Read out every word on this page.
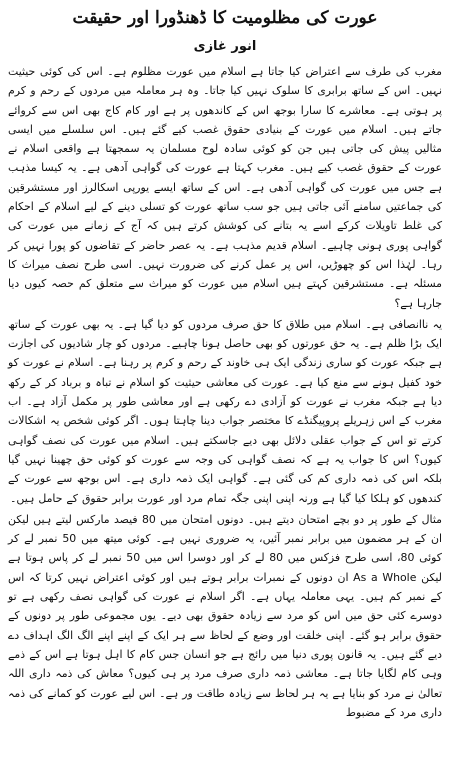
عورت کی مظلومیت کا ڈھنڈورا اور حقیقت
انور غازی

مغرب کی طرف سے اعتراض کیا جاتا ہے اسلام میں عورت مظلوم ہے۔ اس کی کوئی حیثیت نہیں۔ اس کے ساتھ برابری کا سلوک نہیں کیا جاتا۔ وہ ہر معاملہ میں مردوں کے رحم و کرم پر ہوتی ہے۔ معاشرے کا سارا بوجھ اس کے کاندھوں پر ہے اور کام کاج بھی اس سے کروائے جاتے ہیں۔ اسلام میں عورت کے بنیادی حقوق غصب کیے گئے ہیں۔ اس سلسلے میں ایسی مثالیں پیش کی جاتی ہیں جن کو کوئی سادہ لوح مسلمان یہ سمجھتا ہے واقعی اسلام نے عورت کے حقوق غصب کیے ہیں۔ مغرب کہتا ہے عورت کی گواہی آدھی ہے۔ یہ کیسا مذہب ہے جس میں عورت کی گواہی آدھی ہے۔ اس کے ساتھ ایسے یورپی اسکالرز اور مستشرقین کی جماعتیں سامنے آئی جاتی ہیں جو سب ساتھ عورت کو تسلی دینے کے لیے اسلام کے احکام کی غلط تاویلات کرکے اسے یہ بتانے کی کوشش کرتے ہیں کہ آج کے زمانے میں عورت کی گواہی پوری ہونی چاہیے۔ اسلام قدیم مذہب ہے۔ یہ عصر حاضر کے تقاضوں کو پورا نہیں کر رہا۔ لہٰذا اس کو چھوڑیں، اس پر عمل کرنے کی ضرورت نہیں۔ اسی طرح نصف میراث کا مسئلہ ہے۔ مستشرقین کہتے ہیں اسلام میں عورت کو میراث سے متعلق کم حصہ کیوں دیا جارہا ہے؟

یہ ناانصافی ہے۔ اسلام میں طلاق کا حق صرف مردوں کو دیا گیا ہے۔ یہ بھی عورت کے ساتھ ایک بڑا ظلم ہے۔ یہ حق عورتوں کو بھی حاصل ہونا چاہیے۔ مردوں کو چار شادیوں کی اجازت ہے جبکہ عورت کو ساری زندگی ایک ہی خاوند کے رحم و کرم پر رہنا ہے۔ اسلام نے عورت کو خود کفیل ہونے سے منع کیا ہے۔ عورت کی معاشی حیثیت کو اسلام نے تباہ و برباد کر کے رکھ دیا ہے جبکہ مغرب نے عورت کو آزادی دے رکھی ہے اور معاشی طور پر مکمل آزاد ہے۔ اب مغرب کے اس زہریلے پروپیگنڈے کا مختصر جواب دینا چاہتا ہوں۔ اگر کوئی شخص یہ اشکالات کرتے تو اس کے جواب عقلی دلائل بھی دیے جاسکتے ہیں۔ اسلام میں عورت کی نصف گواہی کیوں؟ اس کا جواب یہ ہے کہ نصف گواہی کی وجہ سے عورت کو کوئی حق چھینا نہیں گیا بلکہ اس کی ذمہ داری کم کی گئی ہے۔ گواہی ایک ذمہ داری ہے۔ اس بوجھ سے عورت کے کندھوں کو ہلکا کیا گیا ہے ورنہ اپنی اپنی جگہ تمام مرد اور عورت برابر حقوق کے حامل ہیں۔

مثال کے طور پر دو بچے امتحان دیتے ہیں۔ دونوں امتحان میں 80 فیصد مارکس لیتے ہیں لیکن ان کے ہر مضمون میں برابر نمبر آئیں، یہ ضروری نہیں ہے۔ کوئی میتھ میں 50 نمبر لے کر کوئی 80، اسی طرح فزکس میں 80 لے کر اور دوسرا اس میں 50 نمبر لے کر پاس ہوتا ہے لیکن As a Whole ان دونوں کے نمبرات برابر ہوتے ہیں اور کوئی اعتراض نہیں کرتا کہ اس کے نمبر کم ہیں۔ یہی معاملہ یہاں ہے۔ اگر اسلام نے عورت کی گواہی نصف رکھی ہے تو دوسرے کئی حق میں اس کو مرد سے زیادہ حقوق بھی دیے۔ یوں مجموعی طور پر دونوں کے حقوق برابر ہو گئے۔ اپنی خلقت اور وضع کے لحاظ سے ہر ایک کے اپنے اپنے الگ الگ اہداف دے دیے گئے ہیں۔ یہ قانون پوری دنیا میں رائج ہے جو انسان جس کام کا اہل ہوتا ہے اس کے ذمے وہی کام لگایا جاتا ہے۔ معاشی ذمہ داری صرف مرد پر ہی کیوں؟ معاش کی ذمہ داری اللہ تعالیٰ نے مرد کو بنایا ہے یہ ہر لحاظ سے زیادہ طاقت ور ہے۔ اس لیے عورت کو کمانے کی ذمہ داری مرد کے مضبوط
